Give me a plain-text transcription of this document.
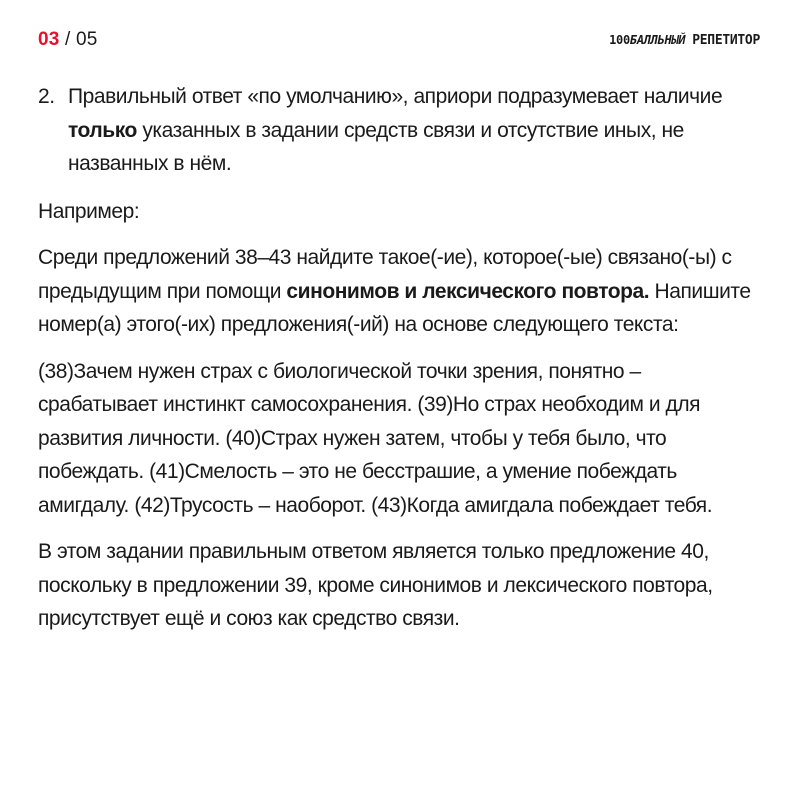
03 / 05	100БАЛЛЬНЫЙ РЕПЕТИТОР
2. Правильный ответ «по умолчанию», априори подразумевает наличие только указанных в задании средств связи и отсутствие иных, не названных в нём.

Например:

Среди предложений 38–43 найдите такое(-ие), которое(-ые) связано(-ы) с предыдущим при помощи синонимов и лексического повтора. Напишите номер(а) этого(-их) предложения(-ий) на основе следующего текста:

(38)Зачем нужен страх с биологической точки зрения, понятно – срабатывает инстинкт самосохранения. (39)Но страх необходим и для развития личности. (40)Страх нужен затем, чтобы у тебя было, что побеждать. (41)Смелость – это не бесстрашие, а умение побеждать амигдалу. (42)Трусость – наоборот. (43)Когда амигдала побеждает тебя.

В этом задании правильным ответом является только предложение 40, поскольку в предложении 39, кроме синонимов и лексического повтора, присутствует ещё и союз как средство связи.
